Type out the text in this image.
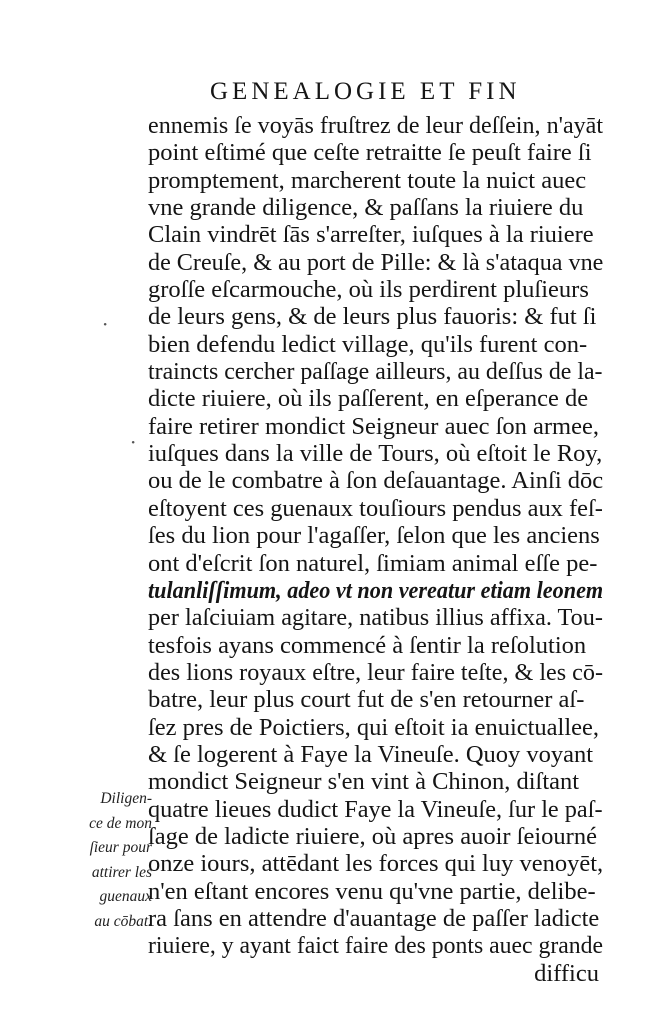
GENEALOGIE ET FIN
·
·
ennemis ſe voyās fruſtrez de leur deſſein, n'ayāt
point eſtimé que ceſte retraitte ſe peuſt faire ſi
promptement, marcherent toute la nuict auec
vne grande diligence, & paſſans la riuiere du
Clain vindrēt ſās s'arreſter, iuſques à la riuiere
de Creuſe, & au port de Pille: & là s'ataqua vne
groſſe eſcarmouche, où ils perdirent pluſieurs
de leurs gens, & de leurs plus fauoris: & fut ſi
bien defendu ledict village, qu'ils furent con-
traincts cercher paſſage ailleurs, au deſſus de la-
dicte riuiere, où ils paſſerent, en eſperance de
faire retirer mondict Seigneur auec ſon armee,
iuſques dans la ville de Tours, où eſtoit le Roy,
ou de le combatre à ſon deſauantage. Ainſi dōc
eſtoyent ces guenaux touſiours pendus aux feſ-
ſes du lion pour l'agaſſer, ſelon que les anciens
ont d'eſcrit ſon naturel, ſimiam animal eſſe pe-
tulanliſſimum, adeo vt non vereatur etiam leonem
per laſciuiam agitare, natibus illius affixa. Tou-
tesfois ayans commencé à ſentir la reſolution
des lions royaux eſtre, leur faire teſte, & les cō-
batre, leur plus court fut de s'en retourner aſ-
ſez pres de Poictiers, qui eſtoit ia enuictuallee,
& ſe logerent à Faye la Vineuſe. Quoy voyant
mondict Seigneur s'en vint à Chinon, diſtant
quatre lieues dudict Faye la Vineuſe, ſur le paſ-
ſage de ladicte riuiere, où apres auoir ſeiourné
onze iours, attēdant les forces qui luy venoyēt,
n'en eſtant encores venu qu'vne partie, delibe-
ra ſans en attendre d'auantage de paſſer ladicte
riuiere, y ayant faict faire des ponts auec grande
difficu
Diligen-
ce de mon
ſieur pour
attirer les
guenaux
au cōbat.
